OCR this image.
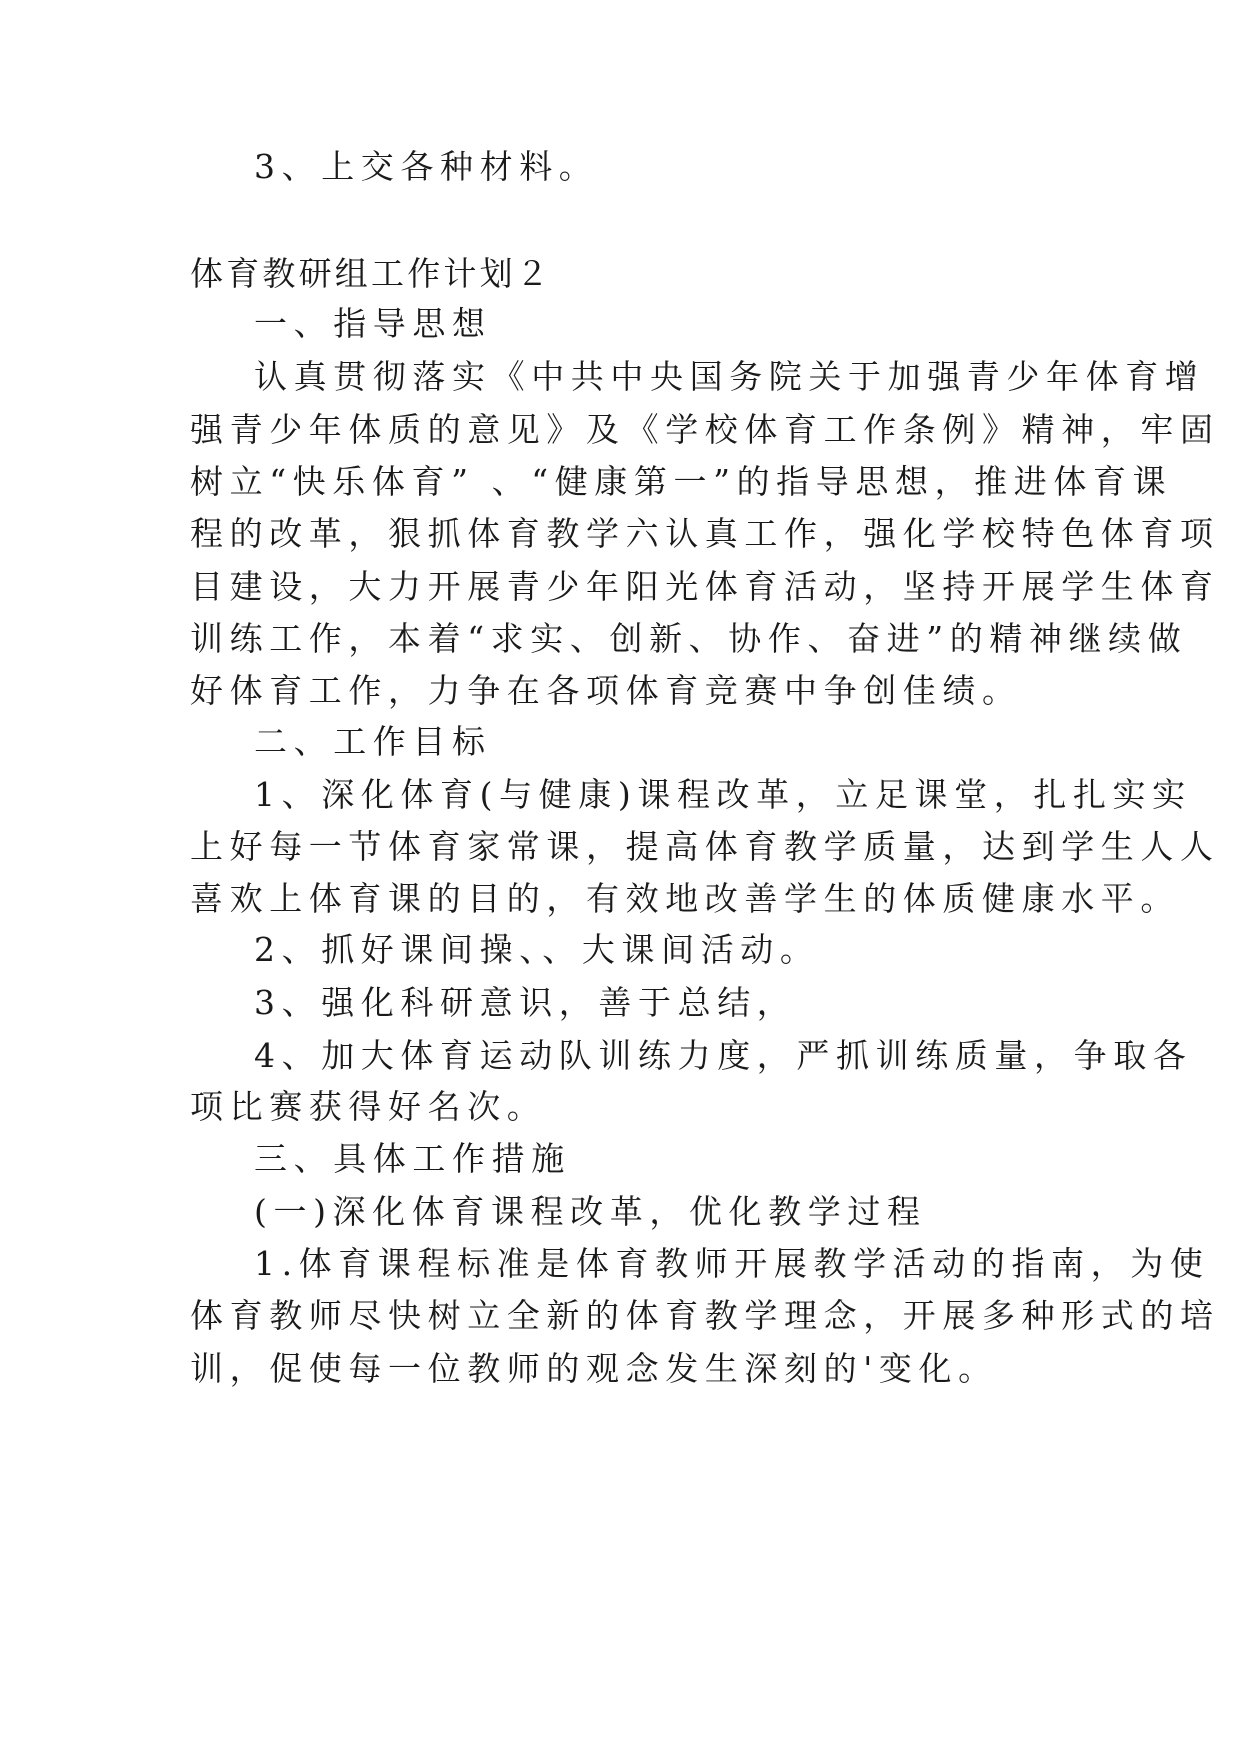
3、上交各种材料。

体育教研组工作计划２

一、指导思想

认真贯彻落实《中共中央国务院关于加强青少年体育增

强青少年体质的意见》及《学校体育工作条例》精神，牢固

树立“快乐体育” 、“健康第一”的指导思想，推进体育课

程的改革，狠抓体育教学六认真工作，强化学校特色体育项

目建设，大力开展青少年阳光体育活动，坚持开展学生体育

训练工作，本着“求实、创新、协作、奋进”的精神继续做

好体育工作，力争在各项体育竞赛中争创佳绩。

二、工作目标

1、深化体育(与健康)课程改革，立足课堂，扎扎实实

上好每一节体育家常课，提高体育教学质量，达到学生人人

喜欢上体育课的目的，有效地改善学生的体质健康水平。

2、抓好课间操、、大课间活动。

3、强化科研意识，善于总结，

4、加大体育运动队训练力度，严抓训练质量，争取各

项比赛获得好名次。

三、具体工作措施

(一)深化体育课程改革，优化教学过程

1.体育课程标准是体育教师开展教学活动的指南，为使

体育教师尽快树立全新的体育教学理念，开展多种形式的培

训，促使每一位教师的观念发生深刻的'变化。
